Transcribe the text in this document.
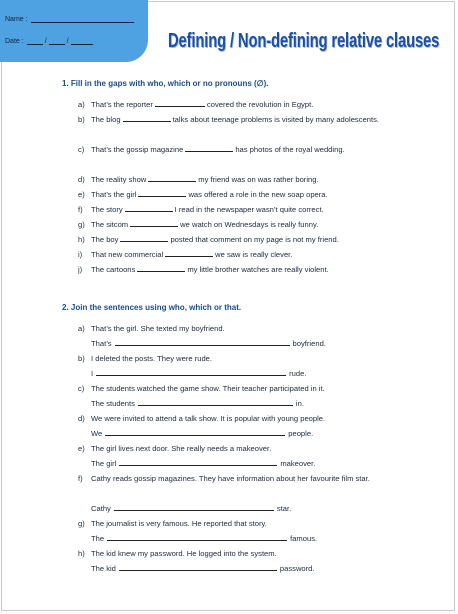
Name :
Date :	/	/	Defining / Non-defining relative clauses
1. Fill in the gaps with who, which or no pronouns (∅).
a) That’s the reporter	covered the revolution in Egypt.
b) The blog	talks about teenage problems is visited by many adolescents.
c) That’s the gossip magazine	has photos of the royal wedding.
d) The reality show	my friend was on was rather boring.
e) That’s the girl	was offered a role in the new soap opera.
f) The story	I read in the newspaper wasn’t quite correct.
g) The sitcom	we watch on Wednesdays is really funny.
h) The boy	posted that comment on my page is not my friend.
i) That new commercial	we saw is really clever.
j) The cartoons	my little brother watches are really violent.
2. Join the sentences using who, which or that.
a) That’s the girl. She texted my boyfriend.
That’s	boyfriend.
b) I deleted the posts. They were rude.
I	rude.
c) The students watched the game show. Their teacher participated in it.
The students	in.
d) We were invited to attend a talk show. It is popular with young people.
We	people.
e) The girl lives next door. She really needs a makeover.
The girl	makeover.
f) Cathy reads gossip magazines. They have information about her favourite film star.
Cathy	star.
g) The journalist is very famous. He reported that story.
The	famous.
h) The kid knew my password. He logged into the system.
The kid	password.
